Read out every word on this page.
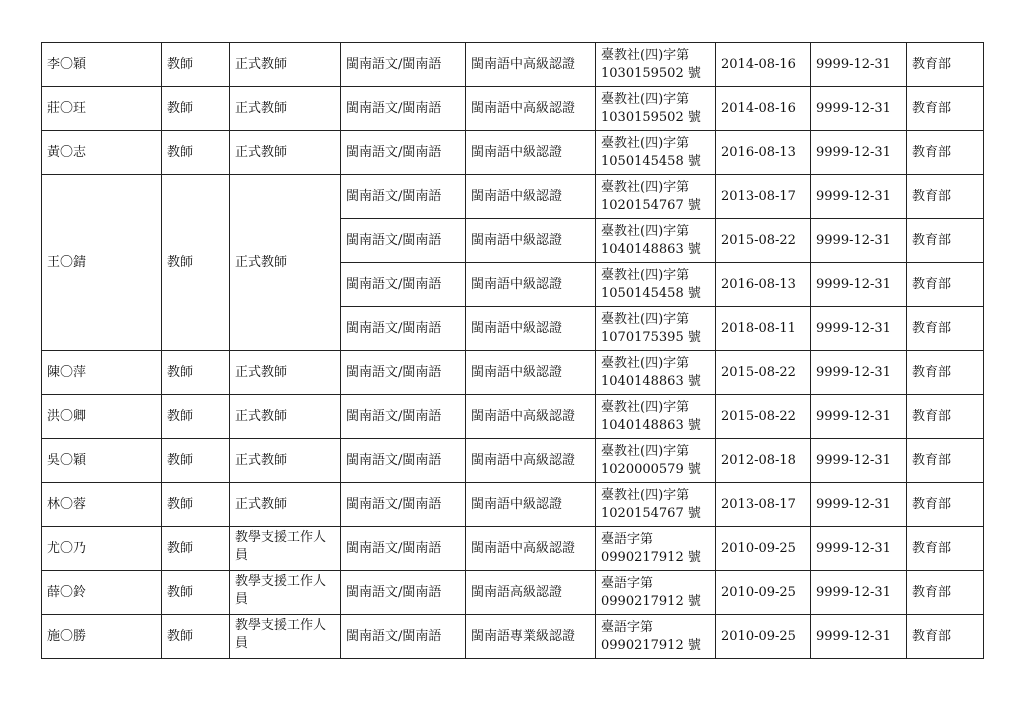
李〇穎	教師	正式教師	閩南語文/閩南語	閩南語中高級認證	臺教社(四)字第
1030159502 號	2014-08-16	9999-12-31	教育部
莊〇玨	教師	正式教師	閩南語文/閩南語	閩南語中高級認證	臺教社(四)字第
1030159502 號	2014-08-16	9999-12-31	教育部
黃〇志	教師	正式教師	閩南語文/閩南語	閩南語中級認證	臺教社(四)字第
1050145458 號	2016-08-13	9999-12-31	教育部
王〇錆	教師	正式教師	閩南語文/閩南語	閩南語中級認證	臺教社(四)字第
1020154767 號	2013-08-17	9999-12-31	教育部
			閩南語文/閩南語	閩南語中級認證	臺教社(四)字第
1040148863 號	2015-08-22	9999-12-31	教育部
			閩南語文/閩南語	閩南語中級認證	臺教社(四)字第
1050145458 號	2016-08-13	9999-12-31	教育部
			閩南語文/閩南語	閩南語中級認證	臺教社(四)字第
1070175395 號	2018-08-11	9999-12-31	教育部
陳〇萍	教師	正式教師	閩南語文/閩南語	閩南語中級認證	臺教社(四)字第
1040148863 號	2015-08-22	9999-12-31	教育部
洪〇卿	教師	正式教師	閩南語文/閩南語	閩南語中高級認證	臺教社(四)字第
1040148863 號	2015-08-22	9999-12-31	教育部
吳〇穎	教師	正式教師	閩南語文/閩南語	閩南語中高級認證	臺教社(四)字第
1020000579 號	2012-08-18	9999-12-31	教育部
林〇蓉	教師	正式教師	閩南語文/閩南語	閩南語中級認證	臺教社(四)字第
1020154767 號	2013-08-17	9999-12-31	教育部
尤〇乃	教師	教學支援工作人員	閩南語文/閩南語	閩南語中高級認證	臺語字第
0990217912 號	2010-09-25	9999-12-31	教育部
薛〇鈴	教師	教學支援工作人員	閩南語文/閩南語	閩南語高級認證	臺語字第
0990217912 號	2010-09-25	9999-12-31	教育部
施〇勝	教師	教學支援工作人員	閩南語文/閩南語	閩南語專業級認證	臺語字第
0990217912 號	2010-09-25	9999-12-31	教育部
